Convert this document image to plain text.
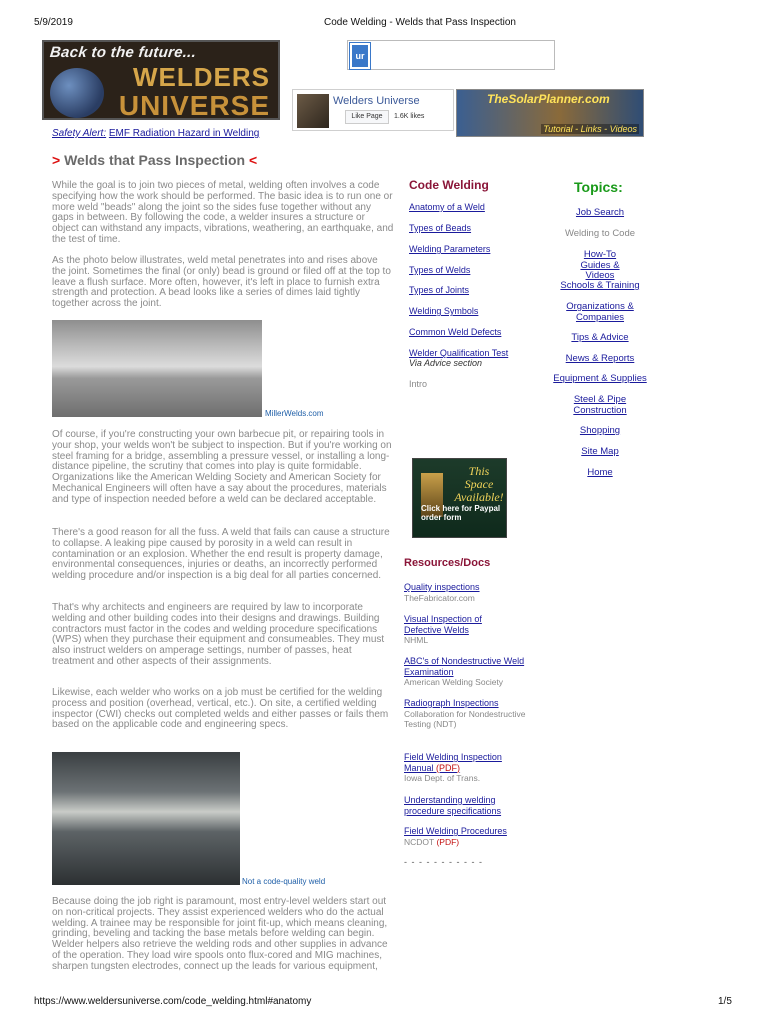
5/9/2019	Code Welding - Welds that Pass Inspection
Back to the future...
WELDERS
UNIVERSE
ur
Welders Universe
Like Page	1.6K likes
TheSolarPlanner.com
Tutorial - Links - Videos
Safety Alert: EMF Radiation Hazard in Welding
> Welds that Pass Inspection <
While the goal is to join two pieces of metal, welding often involves a code specifying how the work should be performed. The basic idea is to run one or more weld "beads" along the joint so the sides fuse together without any gaps in between. By following the code, a welder insures a structure or object can withstand any impacts, vibrations, weathering, an earthquake, and the test of time.
As the photo below illustrates, weld metal penetrates into and rises above the joint. Sometimes the final (or only) bead is ground or filed off at the top to leave a flush surface. More often, however, it's left in place to furnish extra strength and protection. A bead looks like a series of dimes laid tightly together across the joint.
MillerWelds.com
Of course, if you're constructing your own barbecue pit, or repairing tools in your shop, your welds won't be subject to inspection. But if you're working on steel framing for a bridge, assembling a pressure vessel, or installing a long-distance pipeline, the scrutiny that comes into play is quite formidable. Organizations like the American Welding Society and American Society for Mechanical Engineers will often have a say about the procedures, materials and type of inspection needed before a weld can be declared acceptable.
There's a good reason for all the fuss. A weld that fails can cause a structure to collapse. A leaking pipe caused by porosity in a weld can result in contamination or an explosion. Whether the end result is property damage, environmental consequences, injuries or deaths, an incorrectly performed welding procedure and/or inspection is a big deal for all parties concerned.
That's why architects and engineers are required by law to incorporate welding and other building codes into their designs and drawings. Building contractors must factor in the codes and welding procedure specifications (WPS) when they purchase their equipment and consumeables. They must also instruct welders on amperage settings, number of passes, heat treatment and other aspects of their assignments.
Likewise, each welder who works on a job must be certified for the welding process and position (overhead, vertical, etc.). On site, a certified welding inspector (CWI) checks out completed welds and either passes or fails them based on the applicable code and engineering specs.
Not a code-quality weld
Because doing the job right is paramount, most entry-level welders start out on non-critical projects. They assist experienced welders who do the actual welding. A trainee may be responsible for joint fit-up, which means cleaning, grinding, beveling and tacking the base metals before welding can begin. Welder helpers also retrieve the welding rods and other supplies in advance of the operation. They load wire spools onto flux-cored and MIG machines, sharpen tungsten electrodes, connect up the leads for various equipment,
Code Welding
Anatomy of a Weld
Types of Beads
Welding Parameters
Types of Welds
Types of Joints
Welding Symbols
Common Weld Defects
Welder Qualification Test
Via Advice section
Intro
This Space Available!
Click here for Paypal order form
Resources/Docs
Quality inspections
TheFabricator.com
Visual Inspection of Defective Welds
NHML
ABC's of Nondestructive Weld Examination
American Welding Society
Radiograph Inspections
Collaboration for Nondestructive Testing (NDT)
Field Welding Inspection Manual (PDF)
Iowa Dept. of Trans.
Understanding welding procedure specifications
Field Welding Procedures
NCDOT (PDF)
- - - - - - - - - - -
Topics:
Job Search
Welding to Code
How-To Guides & Videos
Schools & Training
Organizations & Companies
Tips & Advice
News & Reports
Equipment & Supplies
Steel & Pipe Construction
Shopping
Site Map
Home
https://www.weldersuniverse.com/code_welding.html#anatomy	1/5
